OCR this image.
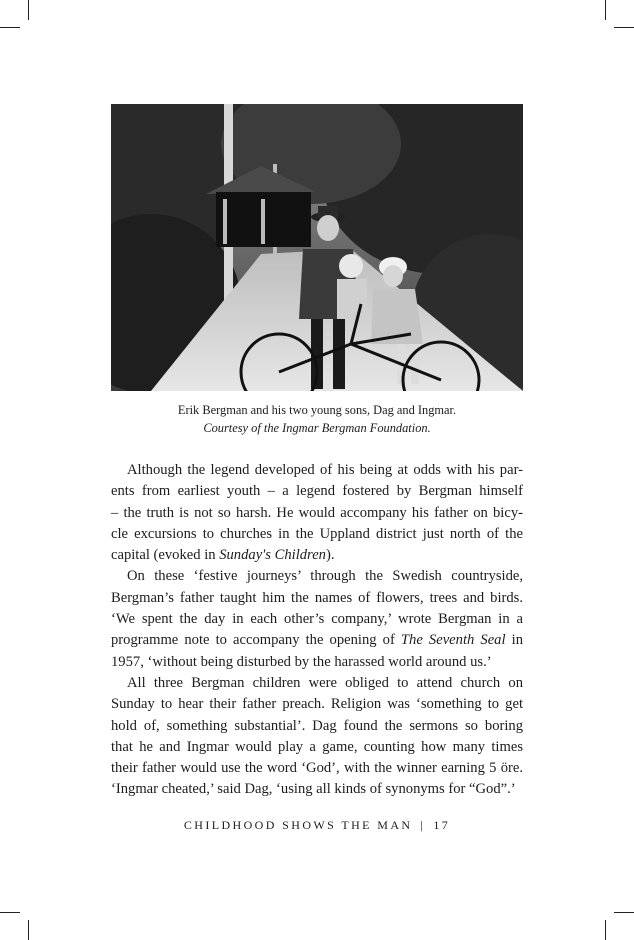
Erik Bergman and his two young sons, Dag and Ingmar.
Courtesy of the Ingmar Bergman Foundation.

Although the legend developed of his being at odds with his par-
ents from earliest youth – a legend fostered by Bergman himself
– the truth is not so harsh. He would accompany his father on bicy-
cle excursions to churches in the Uppland district just north of the
capital (evoked in Sunday's Children).

On these ‘festive journeys’ through the Swedish countryside,
Bergman’s father taught him the names of flowers, trees and birds.
‘We spent the day in each other’s company,’ wrote Bergman in a
programme note to accompany the opening of The Seventh Seal in
1957, ‘without being disturbed by the harassed world around us.’

All three Bergman children were obliged to attend church on
Sunday to hear their father preach. Religion was ‘something to get
hold of, something substantial’. Dag found the sermons so boring
that he and Ingmar would play a game, counting how many times
their father would use the word ‘God’, with the winner earning 5 öre.
‘Ingmar cheated,’ said Dag, ‘using all kinds of synonyms for “God”.’

CHILDHOOD SHOWS THE MAN | 17
